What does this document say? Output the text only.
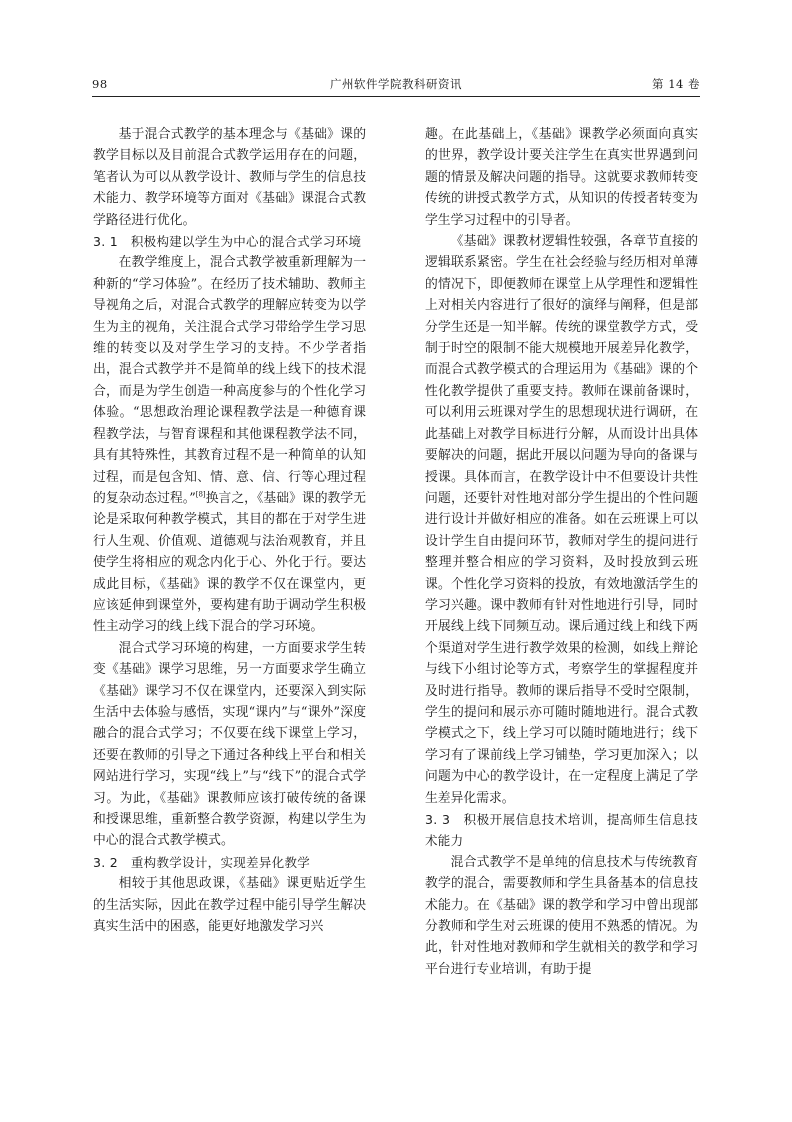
98	广州软件学院教科研资讯	第 14 卷

基于混合式教学的基本理念与《基础》课的教学目标以及目前混合式教学运用存在的问题，笔者认为可以从教学设计、教师与学生的信息技术能力、教学环境等方面对《基础》课混合式教学路径进行优化。

3. 1　积极构建以学生为中心的混合式学习环境

在教学维度上，混合式教学被重新理解为一种新的“学习体验”。在经历了技术辅助、教师主导视角之后，对混合式教学的理解应转变为以学生为主的视角，关注混合式学习带给学生学习思维的转变以及对学生学习的支持。不少学者指出，混合式教学并不是简单的线上线下的技术混合，而是为学生创造一种高度参与的个性化学习体验。“思想政治理论课程教学法是一种德育课程教学法，与智育课程和其他课程教学法不同，具有其特殊性，其教育过程不是一种简单的认知过程，而是包含知、情、意、信、行等心理过程的复杂动态过程。”[8]换言之，《基础》课的教学无论是采取何种教学模式，其目的都在于对学生进行人生观、价值观、道德观与法治观教育，并且使学生将相应的观念内化于心、外化于行。要达成此目标，《基础》课的教学不仅在课堂内，更应该延伸到课堂外，要构建有助于调动学生积极性主动学习的线上线下混合的学习环境。

混合式学习环境的构建，一方面要求学生转变《基础》课学习思维，另一方面要求学生确立《基础》课学习不仅在课堂内，还要深入到实际生活中去体验与感悟，实现“课内”与“课外”深度融合的混合式学习；不仅要在线下课堂上学习，还要在教师的引导之下通过各种线上平台和相关网站进行学习，实现“线上”与“线下”的混合式学习。为此，《基础》课教师应该打破传统的备课和授课思维，重新整合教学资源，构建以学生为中心的混合式教学模式。

3. 2　重构教学设计，实现差异化教学

相较于其他思政课，《基础》课更贴近学生的生活实际，因此在教学过程中能引导学生解决真实生活中的困惑，能更好地激发学习兴

趣。在此基础上，《基础》课教学必须面向真实的世界，教学设计要关注学生在真实世界遇到问题的情景及解决问题的指导。这就要求教师转变传统的讲授式教学方式，从知识的传授者转变为学生学习过程中的引导者。

《基础》课教材逻辑性较强，各章节直接的逻辑联系紧密。学生在社会经验与经历相对单薄的情况下，即便教师在课堂上从学理性和逻辑性上对相关内容进行了很好的演绎与阐释，但是部分学生还是一知半解。传统的课堂教学方式，受制于时空的限制不能大规模地开展差异化教学，而混合式教学模式的合理运用为《基础》课的个性化教学提供了重要支持。教师在课前备课时，可以利用云班课对学生的思想现状进行调研，在此基础上对教学目标进行分解，从而设计出具体要解决的问题，据此开展以问题为导向的备课与授课。具体而言，在教学设计中不但要设计共性问题，还要针对性地对部分学生提出的个性问题进行设计并做好相应的准备。如在云班课上可以设计学生自由提问环节，教师对学生的提问进行整理并整合相应的学习资料，及时投放到云班课。个性化学习资料的投放，有效地激活学生的学习兴趣。课中教师有针对性地进行引导，同时开展线上线下同频互动。课后通过线上和线下两个渠道对学生进行教学效果的检测，如线上辩论与线下小组讨论等方式，考察学生的掌握程度并及时进行指导。教师的课后指导不受时空限制，学生的提问和展示亦可随时随地进行。混合式教学模式之下，线上学习可以随时随地进行；线下学习有了课前线上学习铺垫，学习更加深入；以问题为中心的教学设计，在一定程度上满足了学生差异化需求。

3. 3　积极开展信息技术培训，提高师生信息技术能力

混合式教学不是单纯的信息技术与传统教育教学的混合，需要教师和学生具备基本的信息技术能力。在《基础》课的教学和学习中曾出现部分教师和学生对云班课的使用不熟悉的情况。为此，针对性地对教师和学生就相关的教学和学习平台进行专业培训，有助于提
